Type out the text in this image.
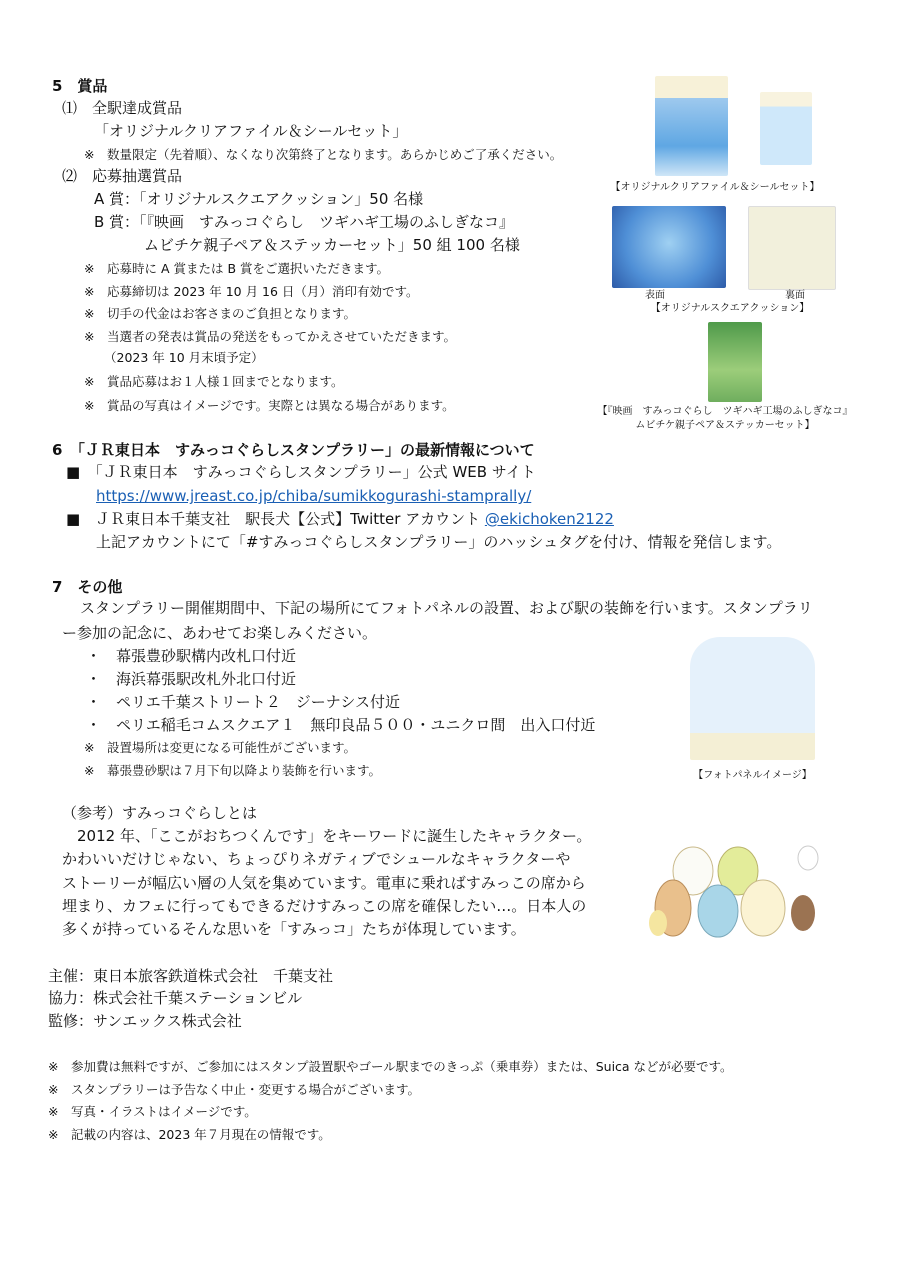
5　賞品
⑴　全駅達成賞品
「オリジナルクリアファイル＆シールセット」
※　数量限定（先着順）、なくなり次第終了となります。あらかじめご了承ください。
⑵　応募抽選賞品
A 賞：「オリジナルスクエアクッション」50 名様
B 賞：「『映画　すみっコぐらし　ツギハギ工場のふしぎなコ』
ムビチケ親子ペア＆ステッカーセット」50 組 100 名様
※　応募時に A 賞または B 賞をご選択いただきます。
※　応募締切は 2023 年 10 月 16 日（月）消印有効です。
※　切手の代金はお客さまのご負担となります。
※　当選者の発表は賞品の発送をもってかえさせていただきます。
（2023 年 10 月末頃予定）
※　賞品応募はお１人様１回までとなります。
※　賞品の写真はイメージです。実際とは異なる場合があります。
【オリジナルクリアファイル＆シールセット】
表面	裏面
【オリジナルスクエアクッション】
【『映画　すみっコぐらし　ツギハギ工場のふしぎなコ』
ムビチケ親子ペア＆ステッカーセット】
6　「ＪＲ東日本　すみっコぐらしスタンプラリー」の最新情報について
■　「ＪＲ東日本　すみっコぐらしスタンプラリー」公式 WEB サイト
https://www.jreast.co.jp/chiba/sumikkogurashi-stamprally/
■　ＪＲ東日本千葉支社　駅長犬【公式】Twitter アカウント @ekichoken2122
上記アカウントにて「#すみっコぐらしスタンプラリー」のハッシュタグを付け、情報を発信します。
7　その他
スタンプラリー開催期間中、下記の場所にてフォトパネルの設置、および駅の装飾を行います。スタンプラリ
ー参加の記念に、あわせてお楽しみください。
・　幕張豊砂駅構内改札口付近
・　海浜幕張駅改札外北口付近
・　ペリエ千葉ストリート２　ジーナシス付近
・　ペリエ稲毛コムスクエア１　無印良品５００・ユニクロ間　出入口付近
※　設置場所は変更になる可能性がございます。
※　幕張豊砂駅は７月下旬以降より装飾を行います。	【フォトパネルイメージ】
（参考）すみっコぐらしとは
　2012 年、「ここがおちつくんです」をキーワードに誕生したキャラクター。
かわいいだけじゃない、ちょっぴりネガティブでシュールなキャラクターや
ストーリーが幅広い層の人気を集めています。電車に乗ればすみっこの席から
埋まり、カフェに行ってもできるだけすみっこの席を確保したい…。日本人の
多くが持っているそんな思いを「すみっコ」たちが体現しています。
主催：東日本旅客鉄道株式会社　千葉支社
協力：株式会社千葉ステーションビル
監修：サンエックス株式会社
※　参加費は無料ですが、ご参加にはスタンプ設置駅やゴール駅までのきっぷ（乗車券）または、Suica などが必要です。
※　スタンプラリーは予告なく中止・変更する場合がございます。
※　写真・イラストはイメージです。
※　記載の内容は、2023 年７月現在の情報です。
